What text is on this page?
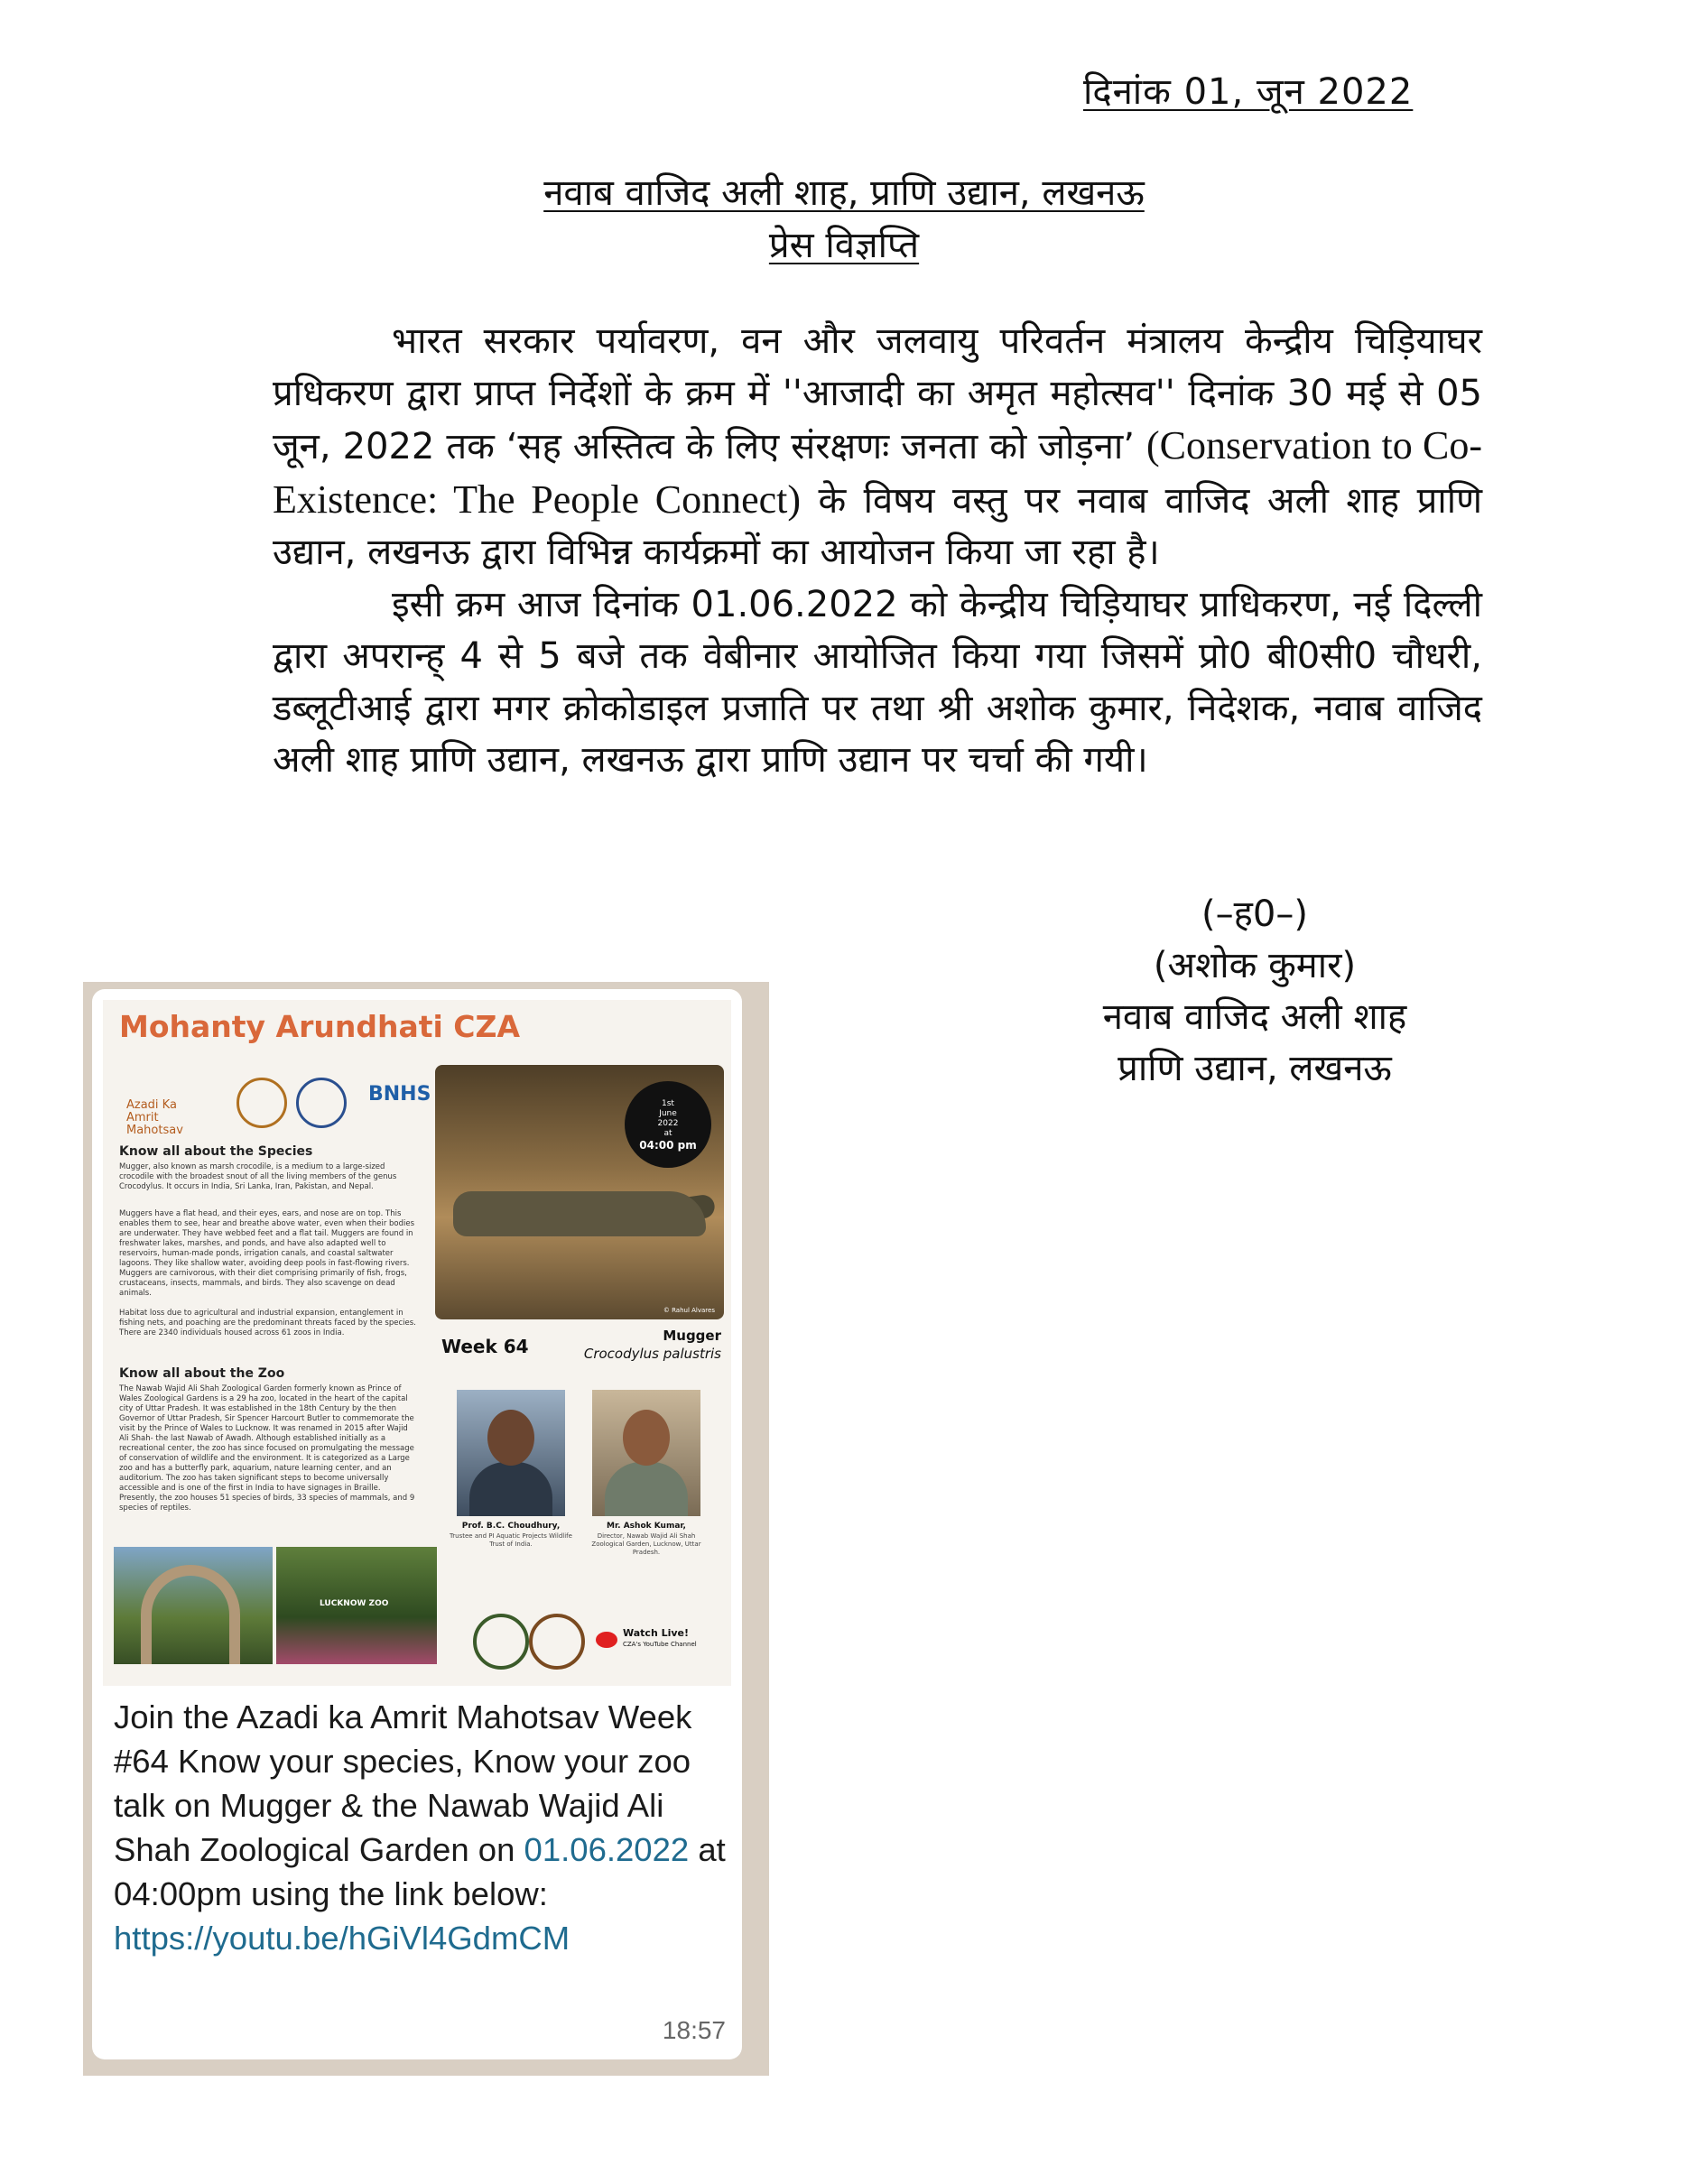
दिनांक 01, जून 2022
नवाब वाजिद अली शाह, प्राणि उद्यान, लखनऊ
प्रेस विज्ञप्ति

भारत सरकार पर्यावरण, वन और जलवायु परिवर्तन मंत्रालय केन्द्रीय चिड़ियाघर प्रधिकरण द्वारा प्राप्त निर्देशों के क्रम में ''आजादी का अमृत महोत्सव'' दिनांक 30 मई से 05 जून, 2022 तक ‘सह अस्तित्व के लिए संरक्षणः जनता को जोड़ना’ (Conservation to Co-Existence: The People Connect) के विषय वस्तु पर नवाब वाजिद अली शाह प्राणि उद्यान, लखनऊ द्वारा विभिन्न कार्यक्रमों का आयोजन किया जा रहा है।

इसी क्रम आज दिनांक 01.06.2022 को केन्द्रीय चिड़ियाघर प्राधिकरण, नई दिल्ली द्वारा अपरान्ह् 4 से 5 बजे तक वेबीनार आयोजित किया गया जिसमें प्रो0 बी0सी0 चौधरी, डब्लूटीआई द्वारा मगर क्रोकोडाइल प्रजाति पर तथा श्री अशोक कुमार, निदेशक, नवाब वाजिद अली शाह प्राणि उद्यान, लखनऊ द्वारा प्राणि उद्यान पर चर्चा की गयी।

(–ह0–)
(अशोक कुमार)
नवाब वाजिद अली शाह
प्राणि उद्यान, लखनऊ
Mohanty Arundhati CZA
Azadi Ka Amrit Mahotsav
BNHS
Know all about the Species
Mugger, also known as marsh crocodile, is a medium to a large-sized crocodile with the broadest snout of all the living members of the genus Crocodylus. It occurs in India, Sri Lanka, Iran, Pakistan, and Nepal.
Muggers have a flat head, and their eyes, ears, and nose are on top. This enables them to see, hear and breathe above water, even when their bodies are underwater. They have webbed feet and a flat tail. Muggers are found in freshwater lakes, marshes, and ponds, and have also adapted well to reservoirs, human-made ponds, irrigation canals, and coastal saltwater lagoons. They like shallow water, avoiding deep pools in fast-flowing rivers. Muggers are carnivorous, with their diet comprising primarily of fish, frogs, crustaceans, insects, mammals, and birds. They also scavenge on dead animals.
Habitat loss due to agricultural and industrial expansion, entanglement in fishing nets, and poaching are the predominant threats faced by the species. There are 2340 individuals housed across 61 zoos in India.
Know all about the Zoo
The Nawab Wajid Ali Shah Zoological Garden formerly known as Prince of Wales Zoological Gardens is a 29 ha zoo, located in the heart of the capital city of Uttar Pradesh. It was established in the 18th Century by the then Governor of Uttar Pradesh, Sir Spencer Harcourt Butler to commemorate the visit by the Prince of Wales to Lucknow. It was renamed in 2015 after Wajid Ali Shah- the last Nawab of Awadh. Although established initially as a recreational center, the zoo has since focused on promulgating the message of conservation of wildlife and the environment. It is categorized as a Large zoo and has a butterfly park, aquarium, nature learning center, and an auditorium. The zoo has taken significant steps to become universally accessible and is one of the first in India to have signages in Braille. Presently, the zoo houses 51 species of birds, 33 species of mammals, and 9 species of reptiles.
1st
June
2022
at
04:00 pm
© Rahul Alvares
Week 64	Mugger
Crocodylus palustris
Prof. B.C. Choudhury,
Trustee and PI Aquatic Projects Wildlife Trust of India.
Mr. Ashok Kumar,
Director, Nawab Wajid Ali Shah Zoological Garden, Lucknow, Uttar Pradesh.
LUCKNOW ZOO
Watch Live!
CZA's YouTube Channel
Join the Azadi ka Amrit Mahotsav Week #64 Know your species, Know your zoo talk on Mugger & the Nawab Wajid Ali Shah Zoological Garden on 01.06.2022 at 04:00pm using the link below:
https://youtu.be/hGiVl4GdmCM
18:57
